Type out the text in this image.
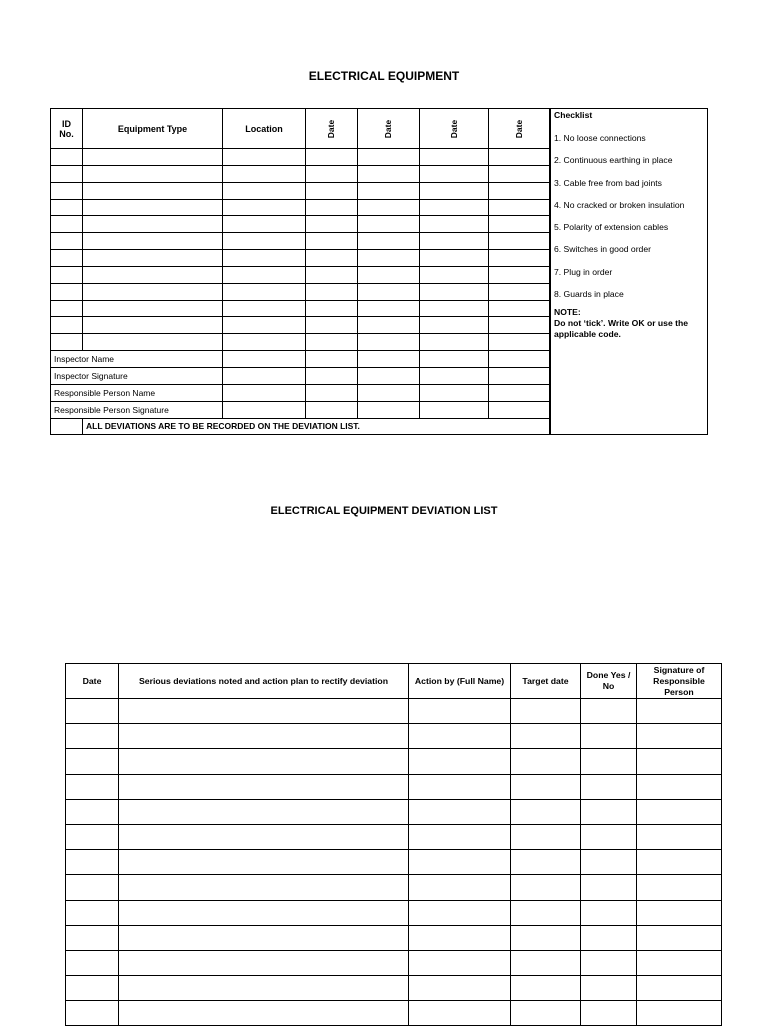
ELECTRICAL EQUIPMENT
ID No.	Equipment Type	Location	Date	Date	Date	Date

Inspector Name						
Inspector Signature						
Responsible Person Name						
Responsible Person Signature						
	ALL DEVIATIONS ARE TO BE RECORDED ON THE DEVIATION LIST.					
Checklist
1. No loose connections
2. Continuous earthing in place
3. Cable free from bad joints
4. No cracked or broken insulation
5. Polarity of extension cables
6. Switches in good order
7. Plug in order
8. Guards in place
NOTE:
Do not ‘tick’. Write OK or use the applicable code.
ELECTRICAL EQUIPMENT DEVIATION LIST
Date	Serious deviations noted and action plan to rectify deviation	Action by (Full Name)	Target date	Done Yes / No	Signature of Responsible Person
